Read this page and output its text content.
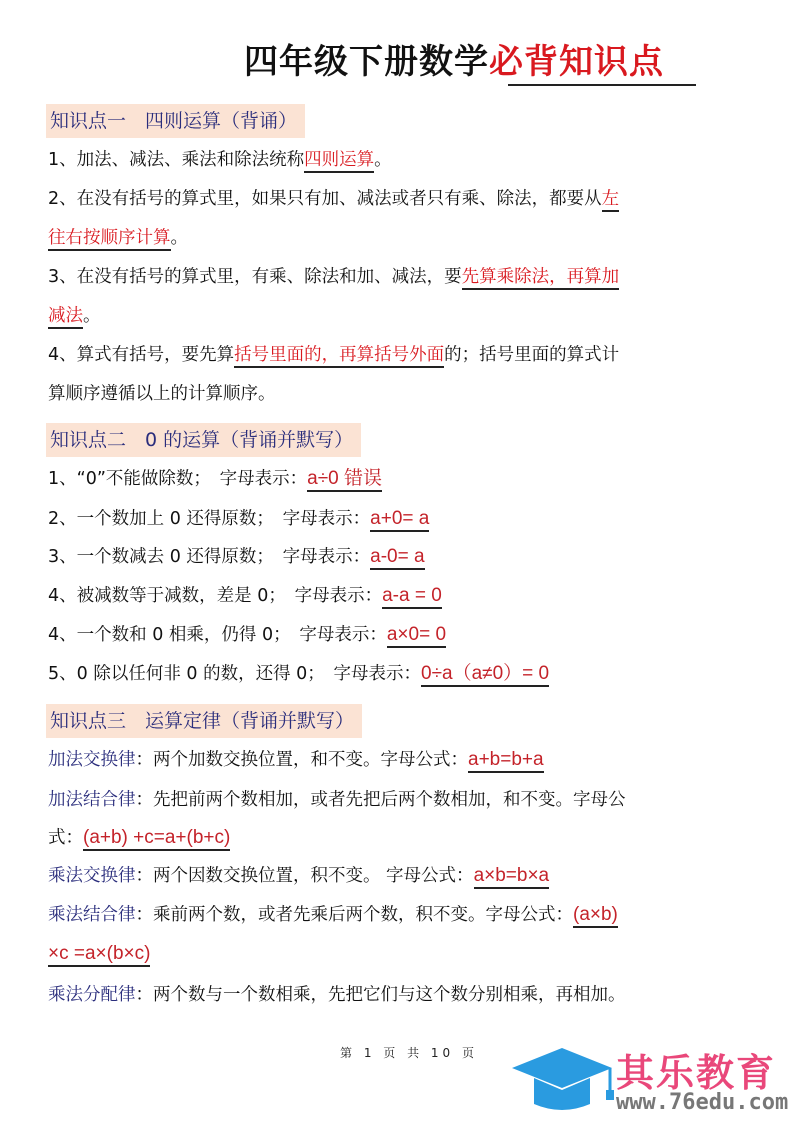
四年级下册数学必背知识点
知识点一　四则运算（背诵）
1、加法、减法、乘法和除法统称四则运算。
2、在没有括号的算式里，如果只有加、减法或者只有乘、除法，都要从左
往右按顺序计算。
3、在没有括号的算式里，有乘、除法和加、减法，要先算乘除法，再算加
减法。
4、算式有括号，要先算括号里面的，再算括号外面的；括号里面的算式计
算顺序遵循以上的计算顺序。
知识点二　0 的运算（背诵并默写）
1、“0”不能做除数；　字母表示：a÷0 错误
2、一个数加上 0 还得原数；　字母表示：a+0= a
3、一个数减去 0 还得原数；　字母表示：a-0= a
4、被减数等于减数，差是 0；　字母表示：a-a = 0
4、一个数和 0 相乘，仍得 0；　字母表示：a×0= 0
5、0 除以任何非 0 的数，还得 0；　字母表示：0÷a（a≠0）= 0
知识点三　运算定律（背诵并默写）
加法交换律：两个加数交换位置，和不变。字母公式：a+b=b+a
加法结合律：先把前两个数相加，或者先把后两个数相加，和不变。字母公
式：(a+b) +c=a+(b+c)
乘法交换律：两个因数交换位置，积不变。 字母公式：a×b=b×a
乘法结合律：乘前两个数，或者先乘后两个数，积不变。字母公式：(a×b)
×c =a×(b×c)
乘法分配律：两个数与一个数相乘，先把它们与这个数分别相乘，再相加。
第 1 页 共 10 页	其乐教育
www.76edu.com
